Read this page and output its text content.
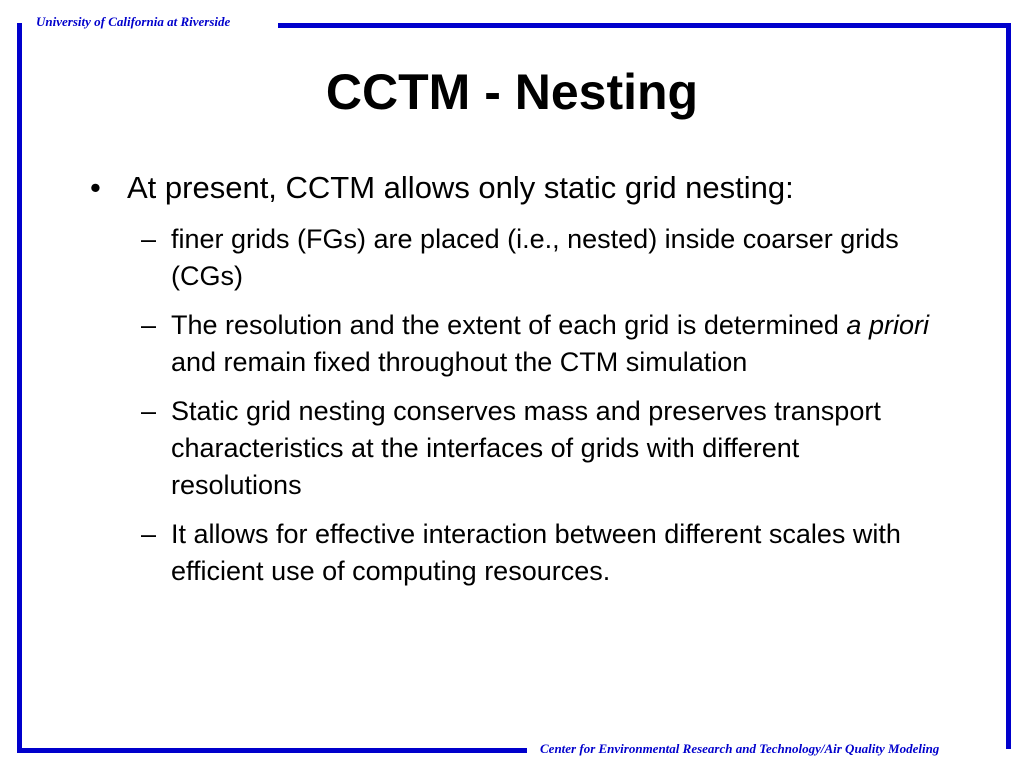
University of California at Riverside
Center for Environmental Research and Technology/Air Quality Modeling
CCTM - Nesting
• At present, CCTM allows only static grid nesting:
– finer grids (FGs) are placed (i.e., nested) inside coarser grids (CGs)
– The resolution and the extent of each grid is determined a priori and remain fixed throughout the CTM simulation
– Static grid nesting conserves mass and preserves transport characteristics at the interfaces of grids with different resolutions
– It allows for effective interaction between different scales with efficient use of computing resources.
